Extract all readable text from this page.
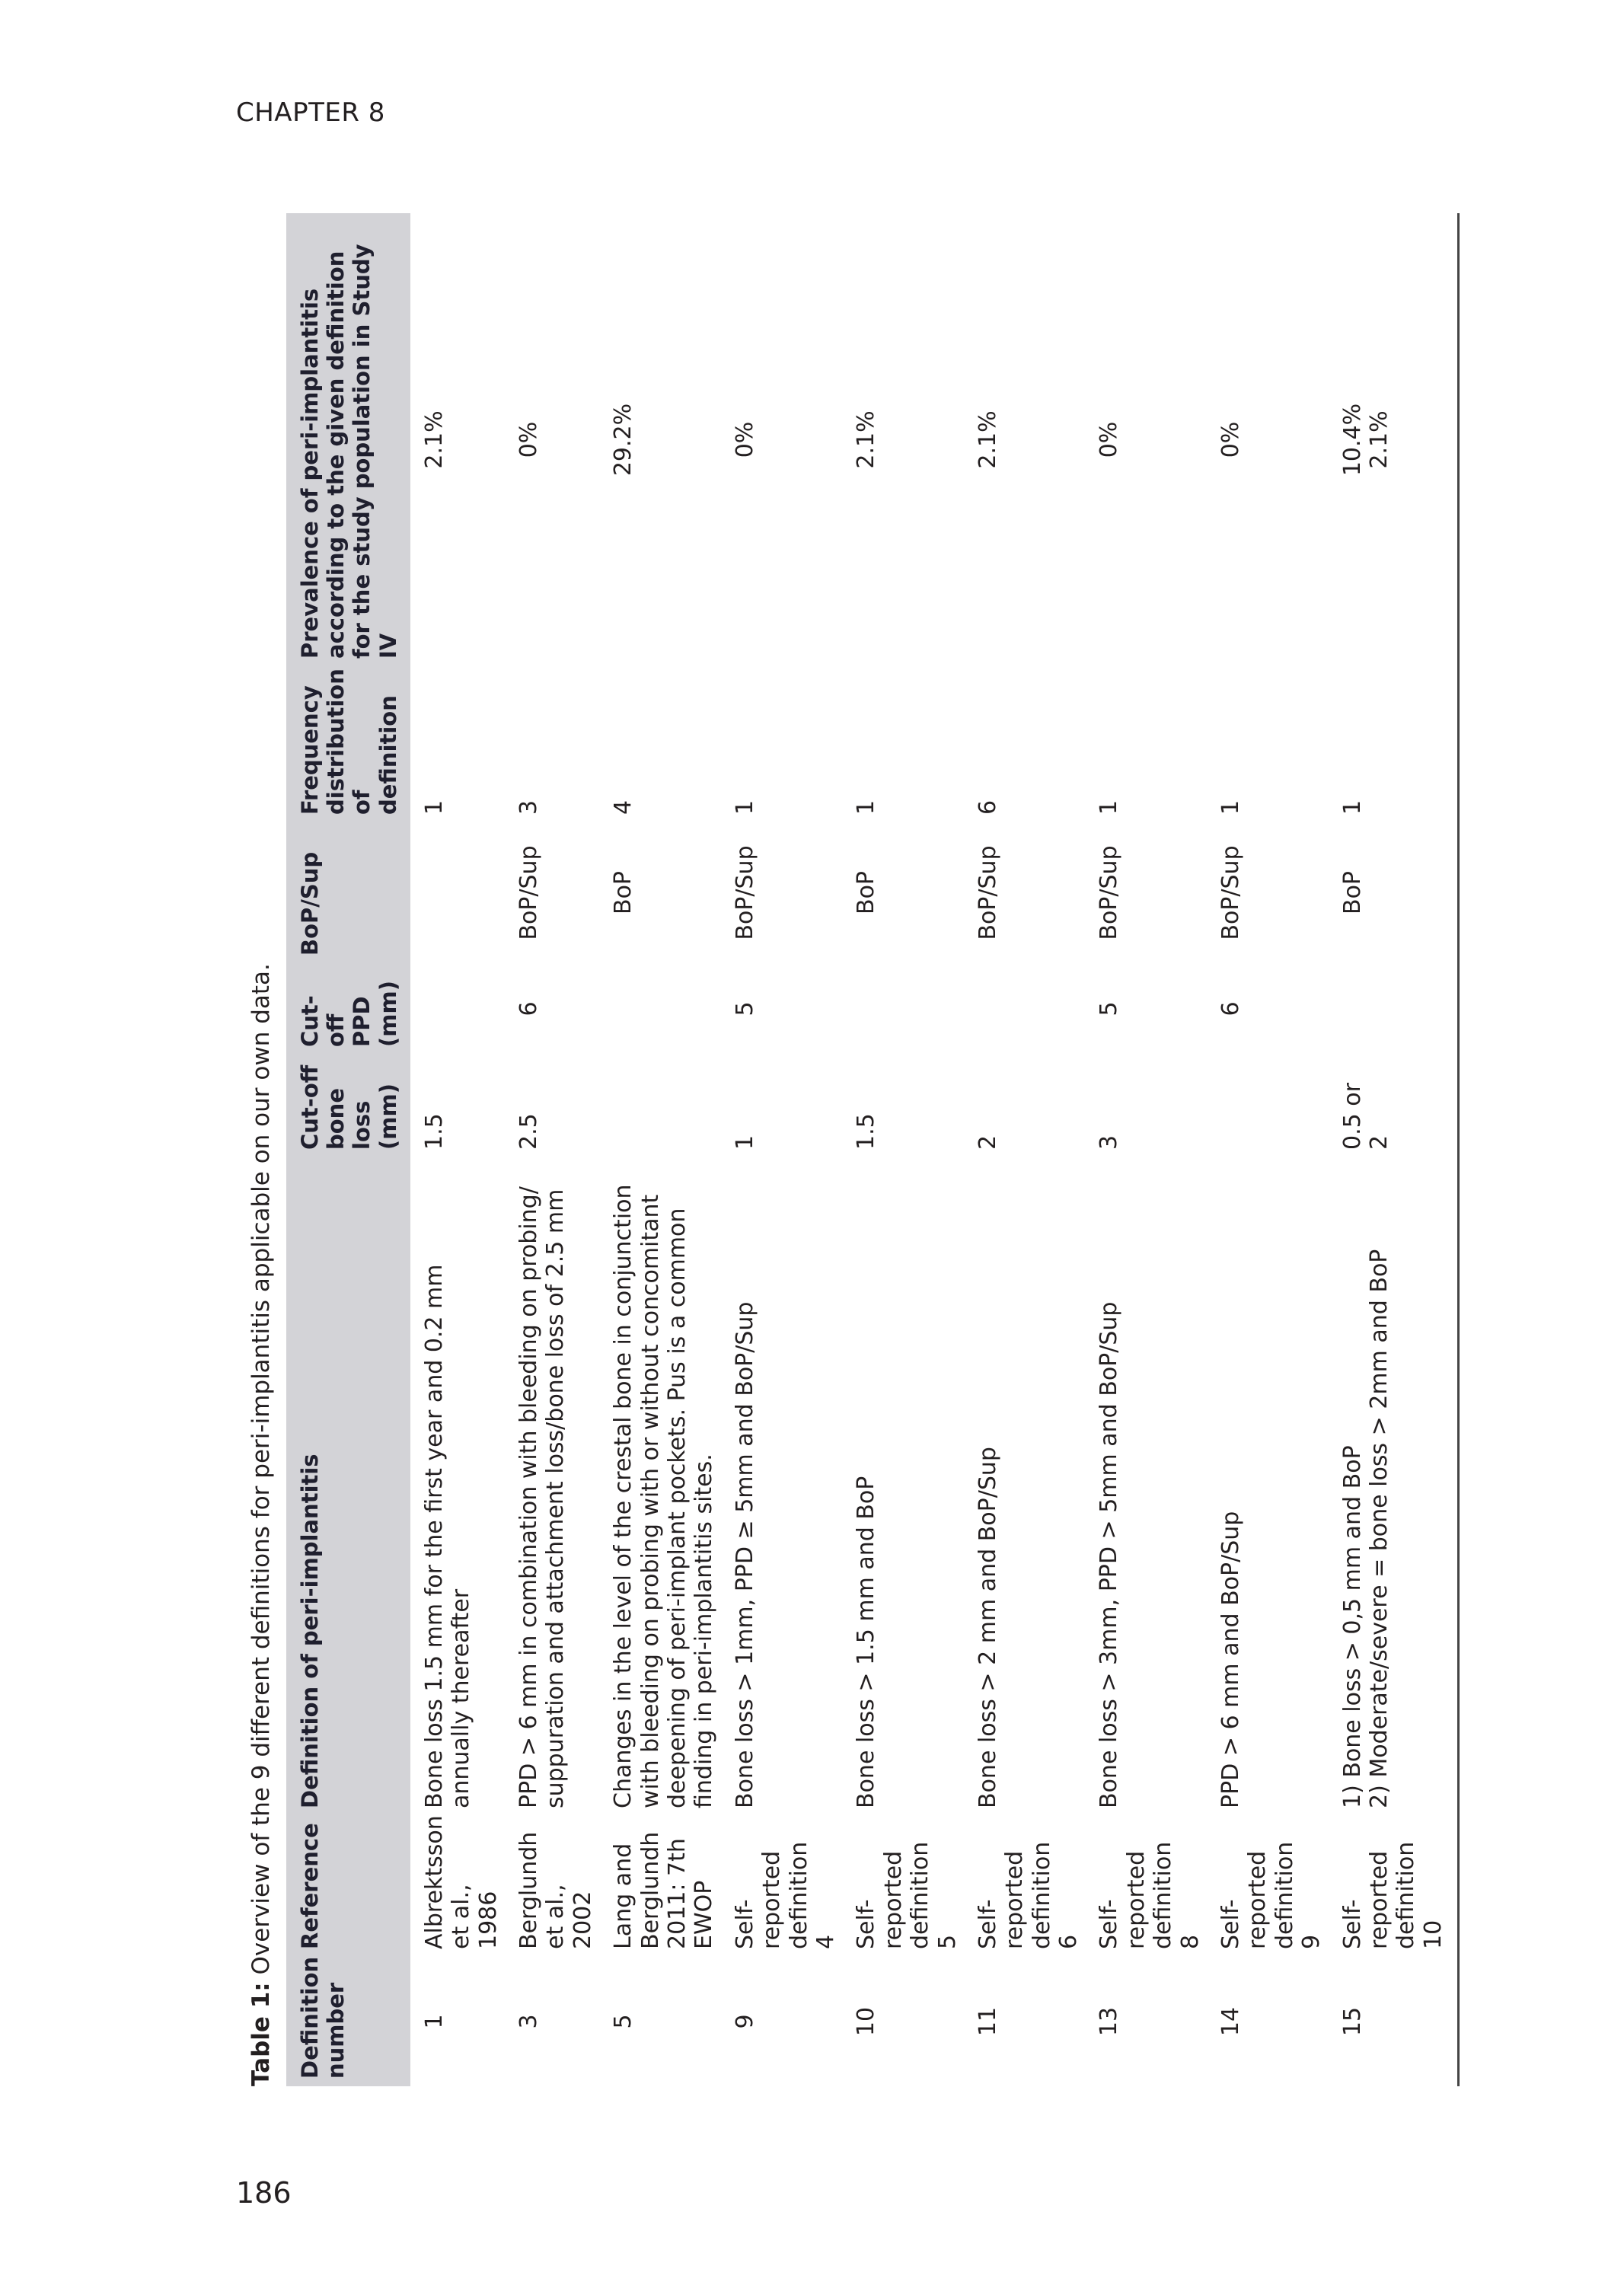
CHAPTER 8
186
Table 1: Overview of the 9 different definitions for peri-implantitis applicable on our own data.
Definition number	Reference	Definition of peri-implantitis	Cut-off bone loss (mm)	Cut-off PPD (mm)	BoP/Sup	Frequency distribution of definition	Prevalence of peri-implantitis according to the given definition for the study population in Study IV
1	Albrektsson et al., 1986	Bone loss 1.5 mm for the first year and 0.2 mm annually thereafter	1.5			1	2.1%

3	Berglundh et al., 2002	PPD > 6 mm in combination with bleeding on probing/ suppuration and attachment loss/bone loss of 2.5 mm	2.5	6	BoP/Sup	3	0%

5	Lang and Berglundh 2011: 7th EWOP	Changes in the level of the crestal bone in conjunction with bleeding on probing with or without concomitant deepening of peri-implant pockets. Pus is a common finding in peri-implantitis sites.			BoP	4	29.2%

9	Self-reported definition 4	Bone loss > 1mm, PPD ≥ 5mm and BoP/Sup	1	5	BoP/Sup	1	0%

10	Self-reported definition 5	Bone loss > 1.5 mm and BoP	1.5		BoP	1	2.1%

11	Self-reported definition 6	Bone loss > 2 mm and BoP/Sup	2		BoP/Sup	6	2.1%

13	Self-reported definition 8	Bone loss > 3mm, PPD > 5mm and BoP/Sup	3	5	BoP/Sup	1	0%

14	Self-reported definition 9	PPD > 6 mm and BoP/Sup		6	BoP/Sup	1	0%

15	Self-reported definition 10	1) Bone loss > 0,5 mm and BoP 2) Moderate/severe = bone loss > 2mm and BoP	0.5 or 2		BoP	1	10.4% 2.1%
